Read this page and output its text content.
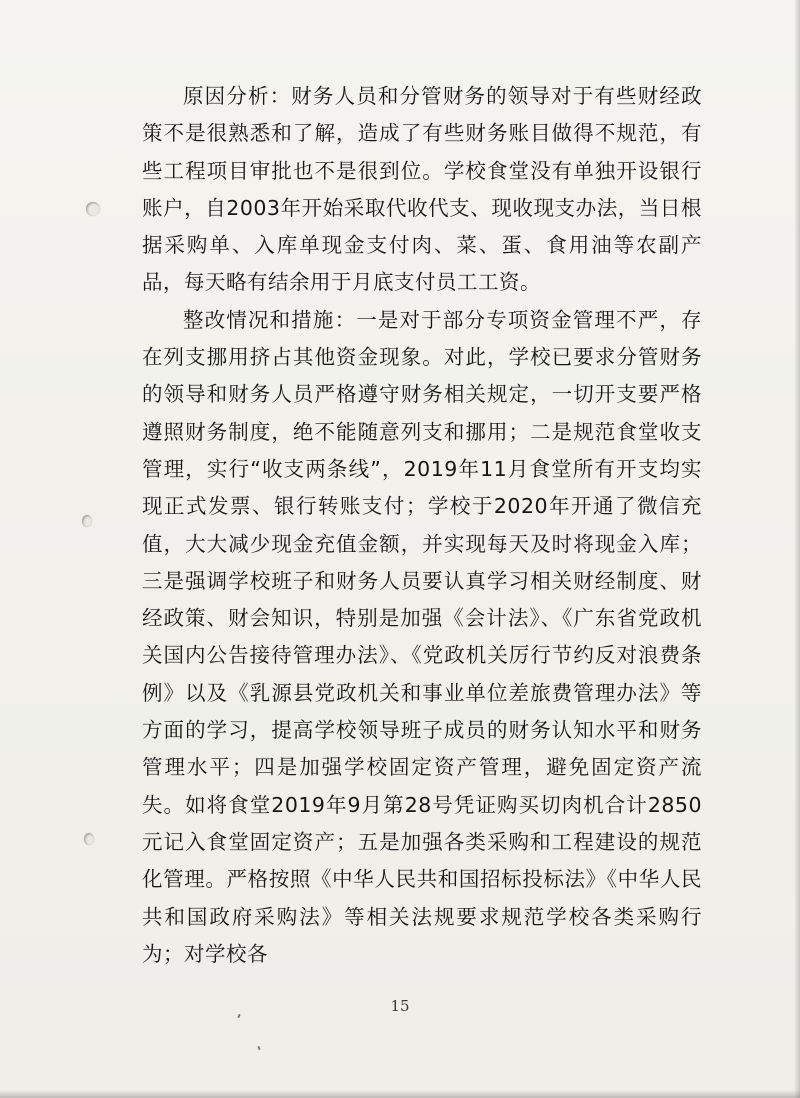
原因分析：财务人员和分管财务的领导对于有些财经政策不是很熟悉和了解，造成了有些财务账目做得不规范，有些工程项目审批也不是很到位。学校食堂没有单独开设银行账户，自2003年开始采取代收代支、现收现支办法，当日根据采购单、入库单现金支付肉、菜、蛋、食用油等农副产品，每天略有结余用于月底支付员工工资。

整改情况和措施：一是对于部分专项资金管理不严，存在列支挪用挤占其他资金现象。对此，学校已要求分管财务的领导和财务人员严格遵守财务相关规定，一切开支要严格遵照财务制度，绝不能随意列支和挪用；二是规范食堂收支管理，实行“收支两条线”，2019年11月食堂所有开支均实现正式发票、银行转账支付；学校于2020年开通了微信充值，大大减少现金充值金额，并实现每天及时将现金入库；三是强调学校班子和财务人员要认真学习相关财经制度、财经政策、财会知识，特别是加强《会计法》、《广东省党政机关国内公告接待管理办法》、《党政机关厉行节约反对浪费条例》以及《乳源县党政机关和事业单位差旅费管理办法》等方面的学习，提高学校领导班子成员的财务认知水平和财务管理水平；四是加强学校固定资产管理，避免固定资产流失。如将食堂2019年9月第28号凭证购买切肉机合计2850元记入食堂固定资产；五是加强各类采购和工程建设的规范化管理。严格按照《中华人民共和国招标投标法》《中华人民共和国政府采购法》等相关法规要求规范学校各类采购行为；对学校各

15
